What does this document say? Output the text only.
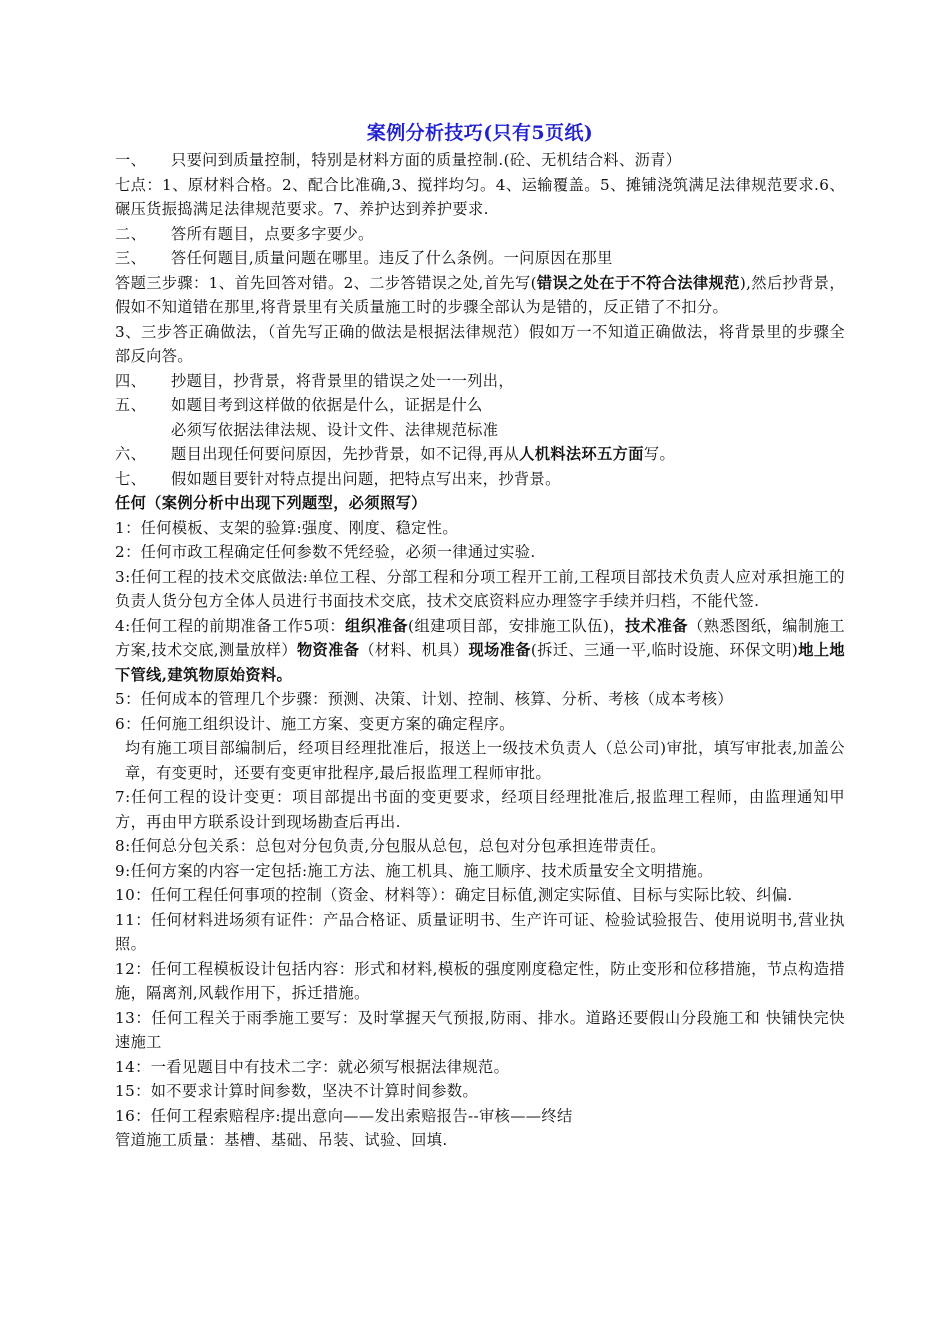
案例分析技巧(只有5页纸)

一、 只要问到质量控制，特别是材料方面的质量控制.(砼、无机结合料、沥青）

七点：1、原材料合格。2、配合比准确,3、搅拌均匀。4、运输覆盖。5、摊铺浇筑满足法律规范要求.6、碾压货振捣满足法律规范要求。7、养护达到养护要求.

二、 答所有题目，点要多字要少。

三、 答任何题目,质量问题在哪里。违反了什么条例。一问原因在那里

答题三步骤：1、首先回答对错。2、二步答错误之处,首先写(错误之处在于不符合法律规范),然后抄背景，假如不知道错在那里,将背景里有关质量施工时的步骤全部认为是错的，反正错了不扣分。

3、三步答正确做法，（首先写正确的做法是根据法律规范）假如万一不知道正确做法，将背景里的步骤全部反向答。

四、 抄题目，抄背景，将背景里的错误之处一一列出，

五、 如题目考到这样做的依据是什么，证据是什么

必须写依据法律法规、设计文件、法律规范标准

六、 题目出现任何要问原因，先抄背景，如不记得,再从人机料法环五方面写。

七、 假如题目要针对特点提出问题，把特点写出来，抄背景。

任何（案例分析中出现下列题型，必须照写）

1：任何模板、支架的验算:强度、刚度、稳定性。

2：任何市政工程确定任何参数不凭经验，必须一律通过实验.

3:任何工程的技术交底做法:单位工程、分部工程和分项工程开工前,工程项目部技术负责人应对承担施工的负责人货分包方全体人员进行书面技术交底，技术交底资料应办理签字手续并归档，不能代签.

4:任何工程的前期准备工作5项：组织准备(组建项目部，安排施工队伍)，技术准备（熟悉图纸，编制施工方案,技术交底,测量放样）物资准备（材料、机具）现场准备(拆迁、三通一平,临时设施、环保文明)地上地下管线,建筑物原始资料。

5：任何成本的管理几个步骤：预测、决策、计划、控制、核算、分析、考核（成本考核）

6：任何施工组织设计、施工方案、变更方案的确定程序。

均有施工项目部编制后，经项目经理批准后，报送上一级技术负责人（总公司)审批，填写审批表,加盖公章，有变更时，还要有变更审批程序,最后报监理工程师审批。

7:任何工程的设计变更：项目部提出书面的变更要求，经项目经理批准后,报监理工程师，由监理通知甲方，再由甲方联系设计到现场勘查后再出.

8:任何总分包关系：总包对分包负责,分包服从总包，总包对分包承担连带责任。

9:任何方案的内容一定包括:施工方法、施工机具、施工顺序、技术质量安全文明措施。

10：任何工程任何事项的控制（资金、材料等）：确定目标值,测定实际值、目标与实际比较、纠偏.

11：任何材料进场须有证件：产品合格证、质量证明书、生产许可证、检验试验报告、使用说明书,营业执照。

12：任何工程模板设计包括内容：形式和材料,模板的强度刚度稳定性，防止变形和位移措施，节点构造措施，隔离剂,风载作用下，拆迁措施。

13：任何工程关于雨季施工要写：及时掌握天气预报,防雨、排水。道路还要假山分段施工和 快铺快完快速施工

14：一看见题目中有技术二字：就必须写根据法律规范。

15：如不要求计算时间参数，坚决不计算时间参数。

16：任何工程索赔程序:提出意向——发出索赔报告--审核——终结

管道施工质量：基槽、基础、吊装、试验、回填.
